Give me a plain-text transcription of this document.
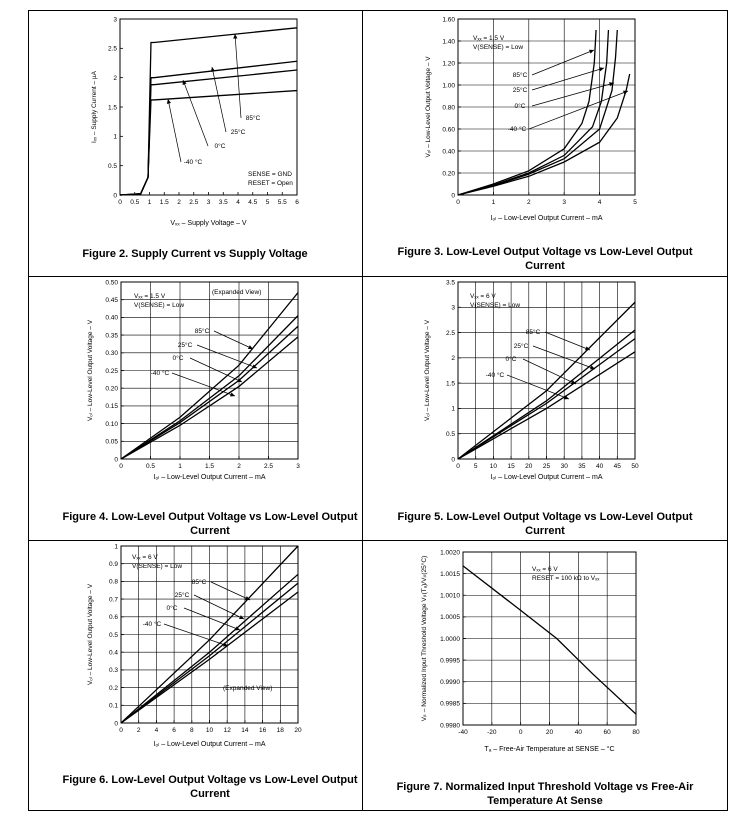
0 0.5 1 1.5 2 2.5 3 3.5 4 4.5 5 5.5 6
0
0.5
1
1.5
2
2.5
3
Vₓₓ – Supply Voltage – V
Iₓₓ – Supply Current – µA	85°C
25°C
0°C
-40 °C
SENSE = GND
RESET = Open
0	1	2	3	4	5
0
0.20
0.40
0.60
0.80
1.00
1.20
1.40
1.60
Iₒₗ – Low-Level Output Current – mA
Vₒₗ – Low-Level Output Voltage – V	85°C
25°C
0°C
-40 °C
Vₓₓ = 1.5 V
V(SENSE) = Low
0	0.5	1	1.5	2	2.5	3
0
0.05
0.10
0.15
0.20
0.25
0.30
0.35
0.40
0.45
0.50
Iₒₗ – Low-Level Output Current – mA
Vₒₗ – Low-Level Output Voltage – V	85°C
25°C
0°C
-40 °C
Vₓₓ = 1.5 V
V(SENSE) = Low
(Expanded View)
0 5 10 15 20 25 30 35 40 45 50
0
0.5
1
1.5
2
2.5
3
3.5
Iₒₗ – Low-Level Output Current – mA
Vₒₗ – Low-Level Output Voltage – V	85°C
25°C
0°C
-40 °C
Vₓₓ = 6 V
V(SENSE) = Low
0 2 4 6 8 10 12 14 16 18 20
0
0.1
0.2
0.3
0.4
0.5
0.6
0.7
0.8
0.9
1
Iₒₗ – Low-Level Output Current – mA
Vₒₗ – Low-Level Output Voltage – V
85°C
25°C
0°C
-40 °C
Vₓₓ = 6 V
V(SENSE) = Low
(Expanded View)
-40	-20	0	20	40	60	80
0.9980
0.9985
0.9990
0.9995
1.0000
1.0005
1.0010
1.0015
1.0020
Tₐ – Free-Air Temperature at SENSE – °C
Vᵢₜ – Normalized Input Threshold Voltage Vᵢₜ(Tₐ)/Vᵢₜ(25°C)	Vₓₓ = 6 V
RESET = 100 kΩ to Vₓₓ
Figure 2. Supply Current vs Supply Voltage	Figure 3. Low-Level Output Voltage vs Low-Level Output Current
Figure 4. Low-Level Output Voltage vs Low-Level Output Current
Figure 5. Low-Level Output Voltage vs Low-Level Output Current
Figure 6. Low-Level Output Voltage vs Low-Level Output Current
Figure 7. Normalized Input Threshold Voltage vs Free-Air Temperature At Sense
